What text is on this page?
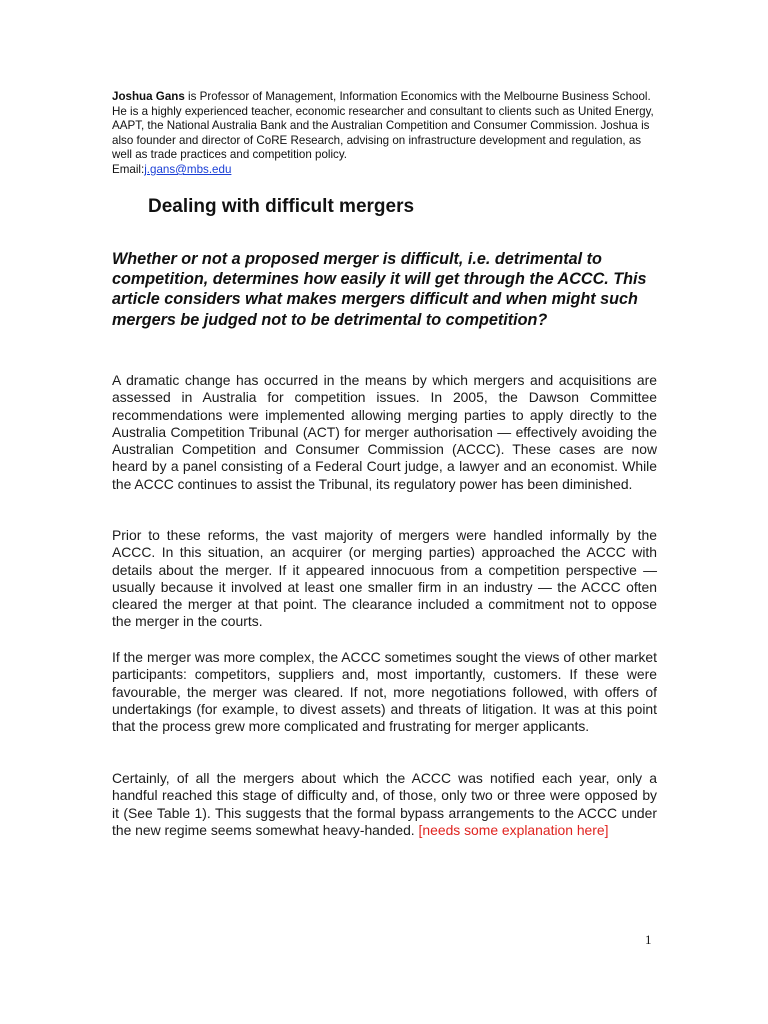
Joshua Gans is Professor of Management, Information Economics with the Melbourne Business School. He is a highly experienced teacher, economic researcher and consultant to clients such as United Energy, AAPT, the National Australia Bank and the Australian Competition and Consumer Commission. Joshua is also founder and director of CoRE Research, advising on infrastructure development and regulation, as well as trade practices and competition policy.
Email:j.gans@mbs.edu
Dealing with difficult mergers

Whether or not a proposed merger is difficult, i.e. detrimental to competition, determines how easily it will get through the ACCC. This article considers what makes mergers difficult and when might such mergers be judged not to be detrimental to competition?

A dramatic change has occurred in the means by which mergers and acquisitions are assessed in Australia for competition issues. In 2005, the Dawson Committee recommendations were implemented allowing merging parties to apply directly to the Australia Competition Tribunal (ACT) for merger authorisation — effectively avoiding the Australian Competition and Consumer Commission (ACCC). These cases are now heard by a panel consisting of a Federal Court judge, a lawyer and an economist. While the ACCC continues to assist the Tribunal, its regulatory power has been diminished.

Prior to these reforms, the vast majority of mergers were handled informally by the ACCC. In this situation, an acquirer (or merging parties) approached the ACCC with details about the merger. If it appeared innocuous from a competition perspective — usually because it involved at least one smaller firm in an industry — the ACCC often cleared the merger at that point. The clearance included a commitment not to oppose the merger in the courts.

If the merger was more complex, the ACCC sometimes sought the views of other market participants: competitors, suppliers and, most importantly, customers. If these were favourable, the merger was cleared. If not, more negotiations followed, with offers of undertakings (for example, to divest assets) and threats of litigation. It was at this point that the process grew more complicated and frustrating for merger applicants.

Certainly, of all the mergers about which the ACCC was notified each year, only a handful reached this stage of difficulty and, of those, only two or three were opposed by it (See Table 1). This suggests that the formal bypass arrangements to the ACCC under the new regime seems somewhat heavy-handed. [needs some explanation here]

1
